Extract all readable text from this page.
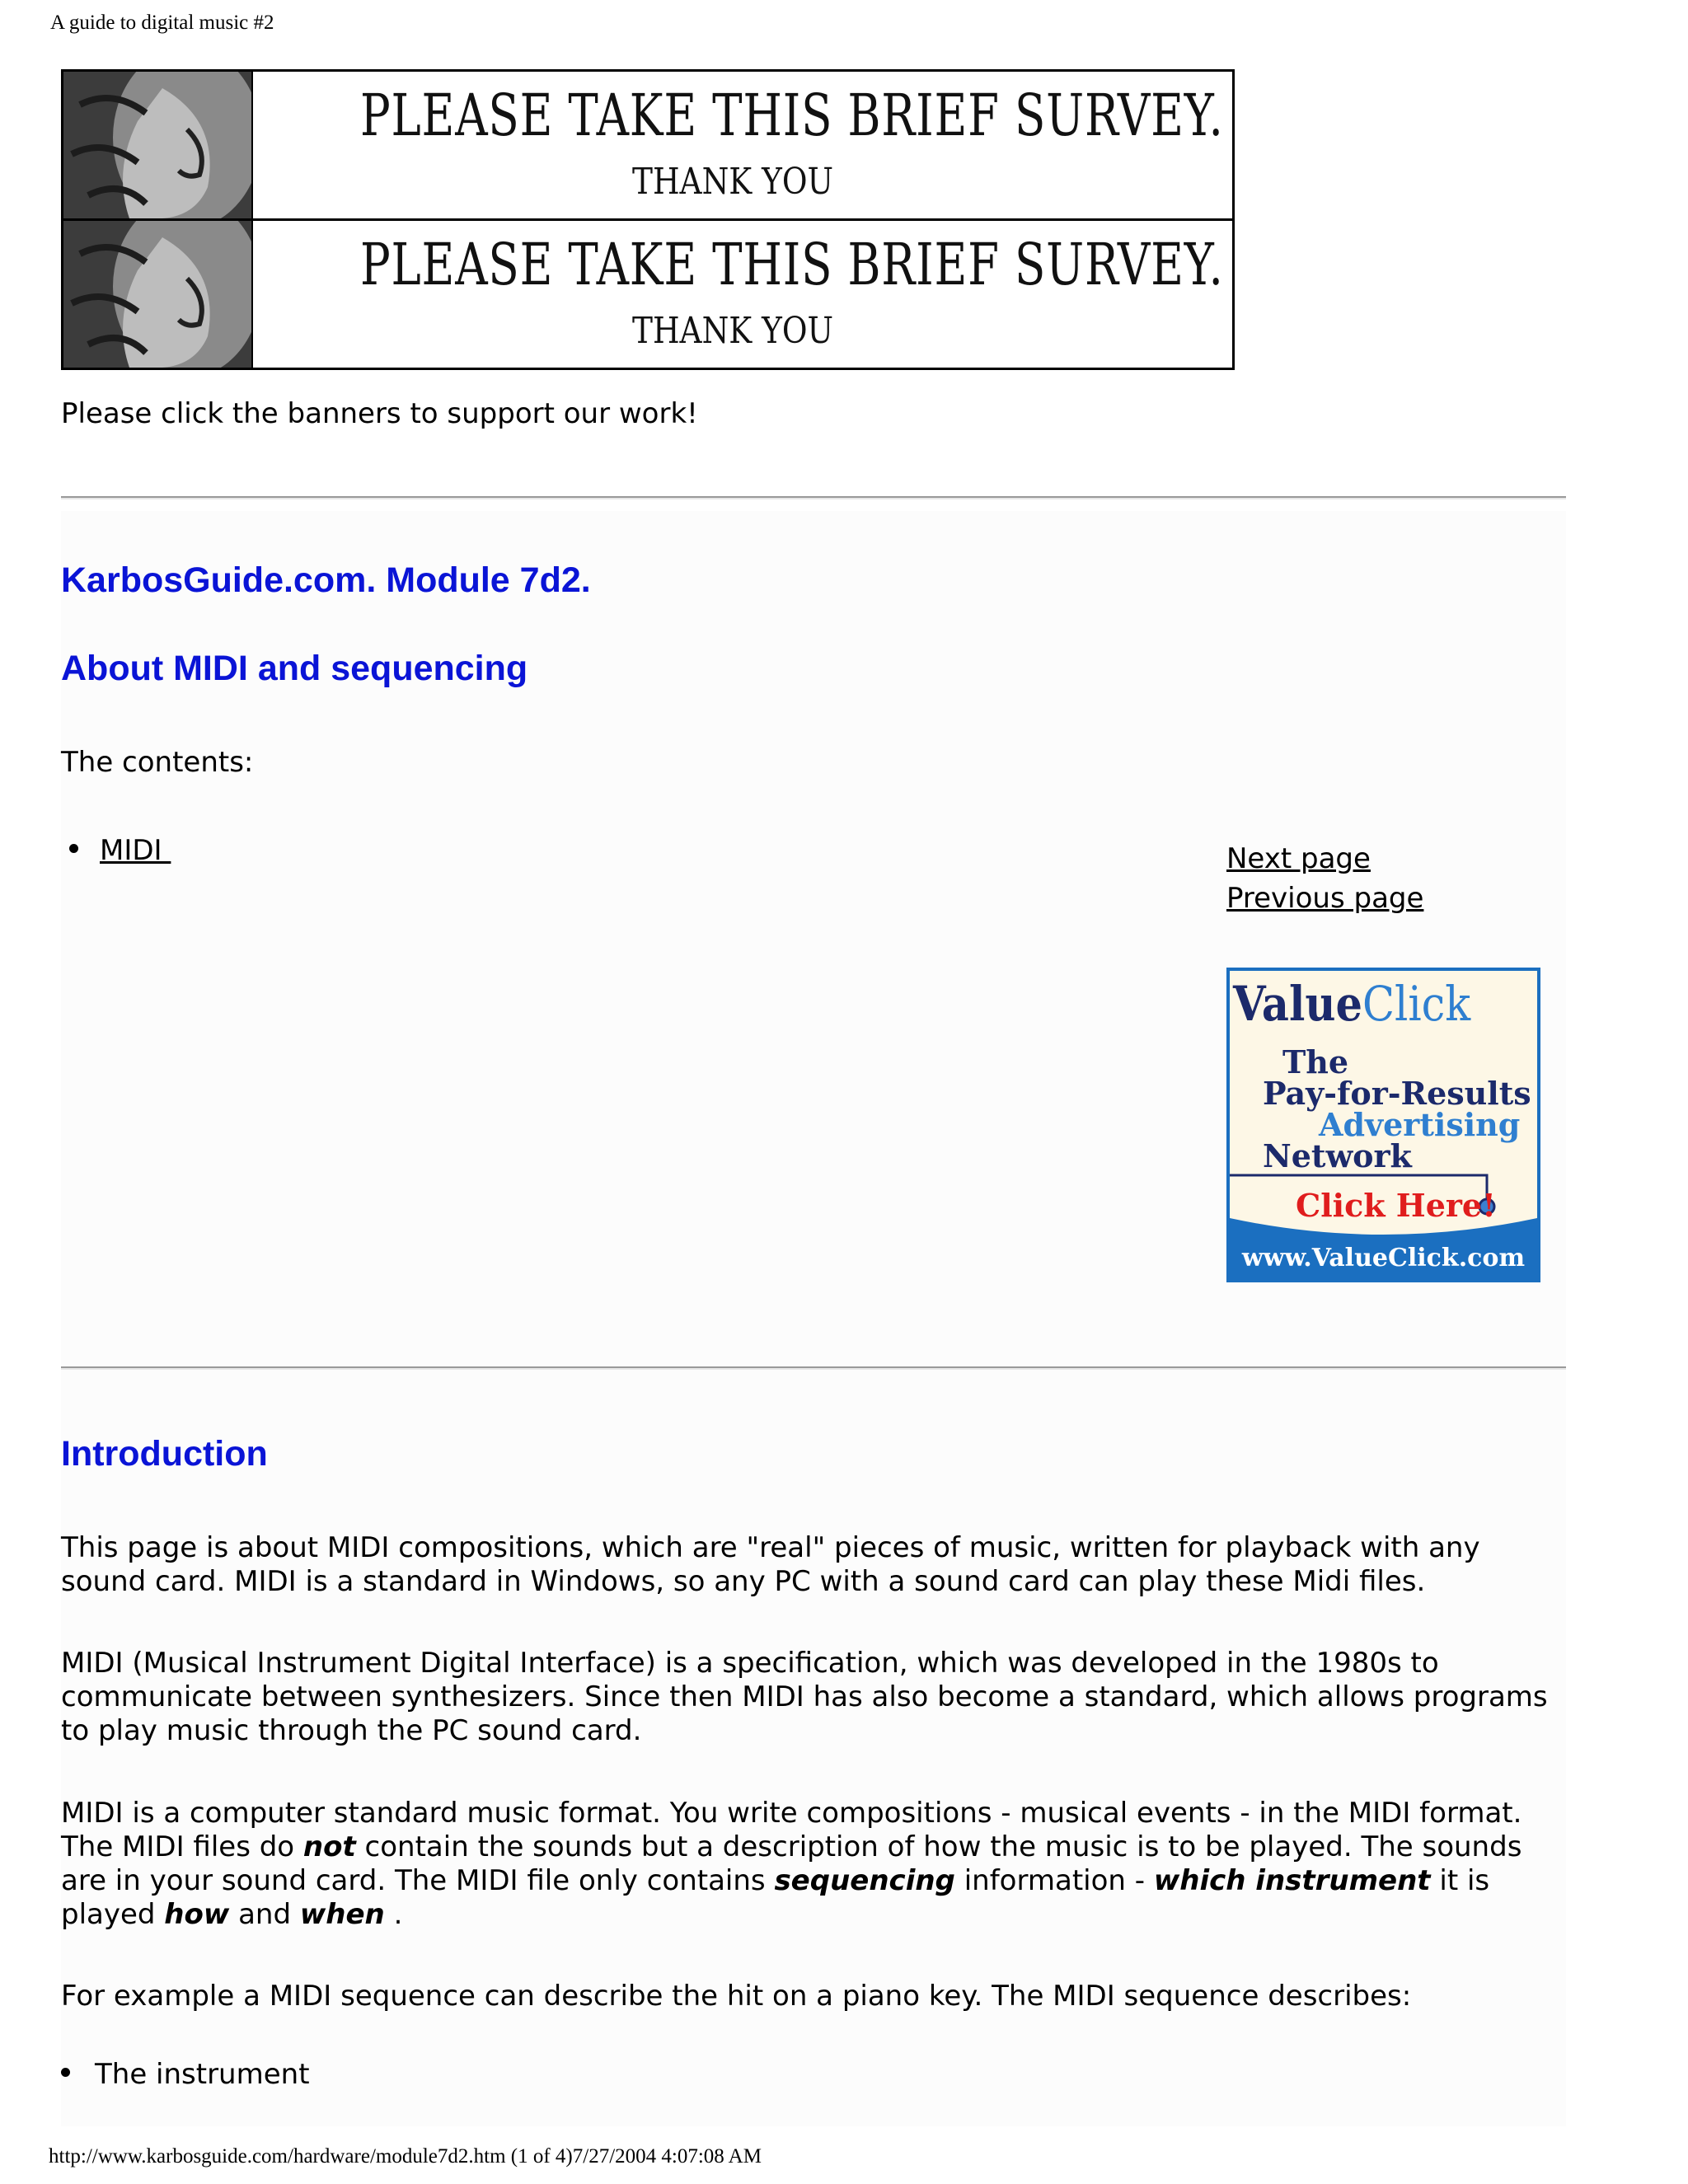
A guide to digital music #2
PLEASE TAKE THIS BRIEF SURVEY.
THANK YOU
PLEASE TAKE THIS BRIEF SURVEY.
THANK YOU
Please click the banners to support our work!
KarbosGuide.com. Module 7d2.
About MIDI and sequencing
The contents:
MIDI	Next page
Previous page
ValueClick
The
Pay-for-Results
Advertising
Network
Click Here!
www.ValueClick.com
Introduction
This page is about MIDI compositions, which are "real" pieces of music, written for playback with any sound card. MIDI is a standard in Windows, so any PC with a sound card can play these Midi files.
MIDI (Musical Instrument Digital Interface) is a specification, which was developed in the 1980s to communicate between synthesizers. Since then MIDI has also become a standard, which allows programs to play music through the PC sound card.
MIDI is a computer standard music format. You write compositions - musical events - in the MIDI format. The MIDI files do not contain the sounds but a description of how the music is to be played. The sounds are in your sound card. The MIDI file only contains sequencing information - which instrument it is played how and when .
For example a MIDI sequence can describe the hit on a piano key. The MIDI sequence describes:
The instrument
http://www.karbosguide.com/hardware/module7d2.htm (1 of 4)7/27/2004 4:07:08 AM
